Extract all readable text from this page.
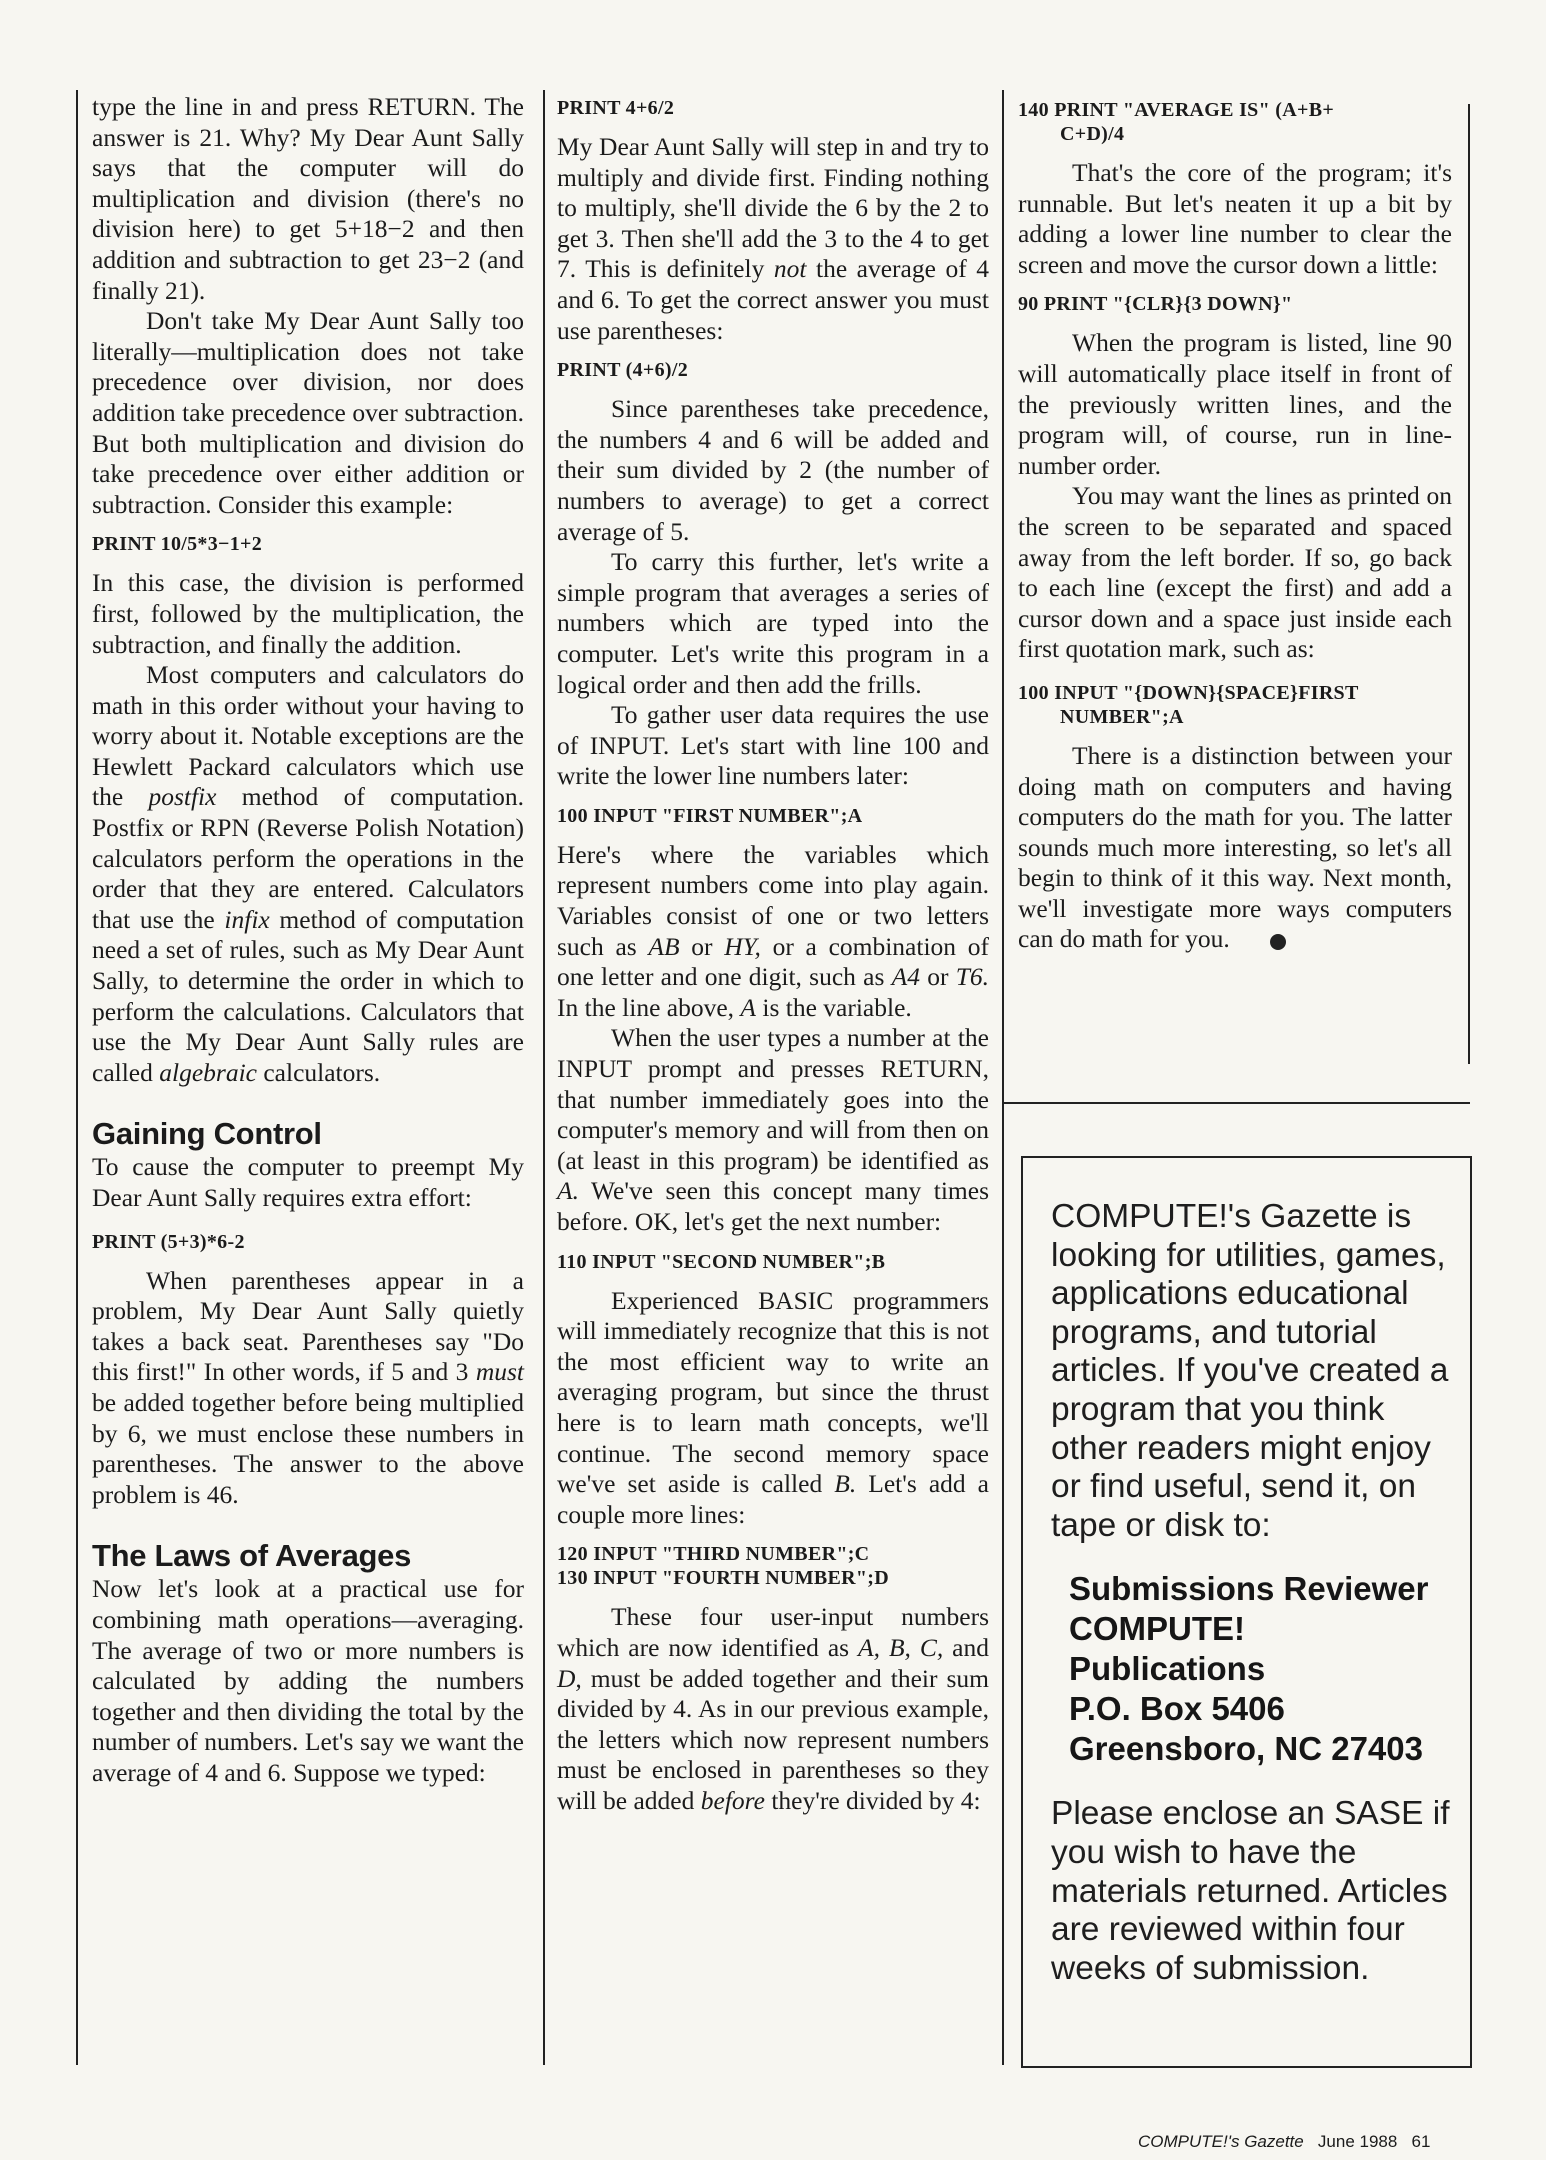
type the line in and press RETURN. The answer is 21. Why? My Dear Aunt Sally says that the computer will do multiplication and division (there's no division here) to get 5+18−2 and then addition and subtraction to get 23−2 (and finally 21).

Don't take My Dear Aunt Sally too literally—multiplication does not take precedence over division, nor does addition take precedence over subtraction. But both multiplication and division do take precedence over either addition or subtraction. Consider this example:

PRINT 10/5*3−1+2

In this case, the division is performed first, followed by the multiplication, the subtraction, and finally the addition.

Most computers and calculators do math in this order without your having to worry about it. Notable exceptions are the Hewlett Packard calculators which use the postfix method of computation. Postfix or RPN (Reverse Polish Notation) calculators perform the operations in the order that they are entered. Calculators that use the infix method of computation need a set of rules, such as My Dear Aunt Sally, to determine the order in which to perform the calculations. Calculators that use the My Dear Aunt Sally rules are called algebraic calculators.

Gaining Control

To cause the computer to preempt My Dear Aunt Sally requires extra effort:

PRINT (5+3)*6-2

When parentheses appear in a problem, My Dear Aunt Sally quietly takes a back seat. Parentheses say "Do this first!" In other words, if 5 and 3 must be added together before being multiplied by 6, we must enclose these numbers in parentheses. The answer to the above problem is 46.

The Laws of Averages

Now let's look at a practical use for combining math operations—averaging. The average of two or more numbers is calculated by adding the numbers together and then dividing the total by the number of numbers. Let's say we want the average of 4 and 6. Suppose we typed:

PRINT 4+6/2

My Dear Aunt Sally will step in and try to multiply and divide first. Finding nothing to multiply, she'll divide the 6 by the 2 to get 3. Then she'll add the 3 to the 4 to get 7. This is definitely not the average of 4 and 6. To get the correct answer you must use parentheses:

PRINT (4+6)/2

Since parentheses take precedence, the numbers 4 and 6 will be added and their sum divided by 2 (the number of numbers to average) to get a correct average of 5.

To carry this further, let's write a simple program that averages a series of numbers which are typed into the computer. Let's write this program in a logical order and then add the frills.

To gather user data requires the use of INPUT. Let's start with line 100 and write the lower line numbers later:

100 INPUT "FIRST NUMBER";A

Here's where the variables which represent numbers come into play again. Variables consist of one or two letters such as AB or HY, or a combination of one letter and one digit, such as A4 or T6. In the line above, A is the variable.

When the user types a number at the INPUT prompt and presses RETURN, that number immediately goes into the computer's memory and will from then on (at least in this program) be identified as A. We've seen this concept many times before. OK, let's get the next number:

110 INPUT "SECOND NUMBER";B

Experienced BASIC programmers will immediately recognize that this is not the most efficient way to write an averaging program, but since the thrust here is to learn math concepts, we'll continue. The second memory space we've set aside is called B. Let's add a couple more lines:

120 INPUT "THIRD NUMBER";C
130 INPUT "FOURTH NUMBER";D

These four user-input numbers which are now identified as A, B, C, and D, must be added together and their sum divided by 4. As in our previous example, the letters which now represent numbers must be enclosed in parentheses so they will be added before they're divided by 4:

140 PRINT "AVERAGE IS" (A+B+
C+D)/4

That's the core of the program; it's runnable. But let's neaten it up a bit by adding a lower line number to clear the screen and move the cursor down a little:

90 PRINT "{CLR}{3 DOWN}"

When the program is listed, line 90 will automatically place itself in front of the previously written lines, and the program will, of course, run in line-number order.

You may want the lines as printed on the screen to be separated and spaced away from the left border. If so, go back to each line (except the first) and add a cursor down and a space just inside each first quotation mark, such as:

100 INPUT "{DOWN}{SPACE}FIRST
NUMBER";A

There is a distinction between your doing math on computers and having computers do the math for you. The latter sounds much more interesting, so let's all begin to think of it this way. Next month, we'll investigate more ways computers can do math for you.

COMPUTE!'s Gazette is looking for utilities, games, applications educational programs, and tutorial articles. If you've created a program that you think other readers might enjoy or find useful, send it, on tape or disk to:
Submissions Reviewer
COMPUTE! Publications
P.O. Box 5406
Greensboro, NC 27403
Please enclose an SASE if you wish to have the materials returned. Articles are reviewed within four weeks of submission.
COMPUTE!'s Gazette June 1988 61
